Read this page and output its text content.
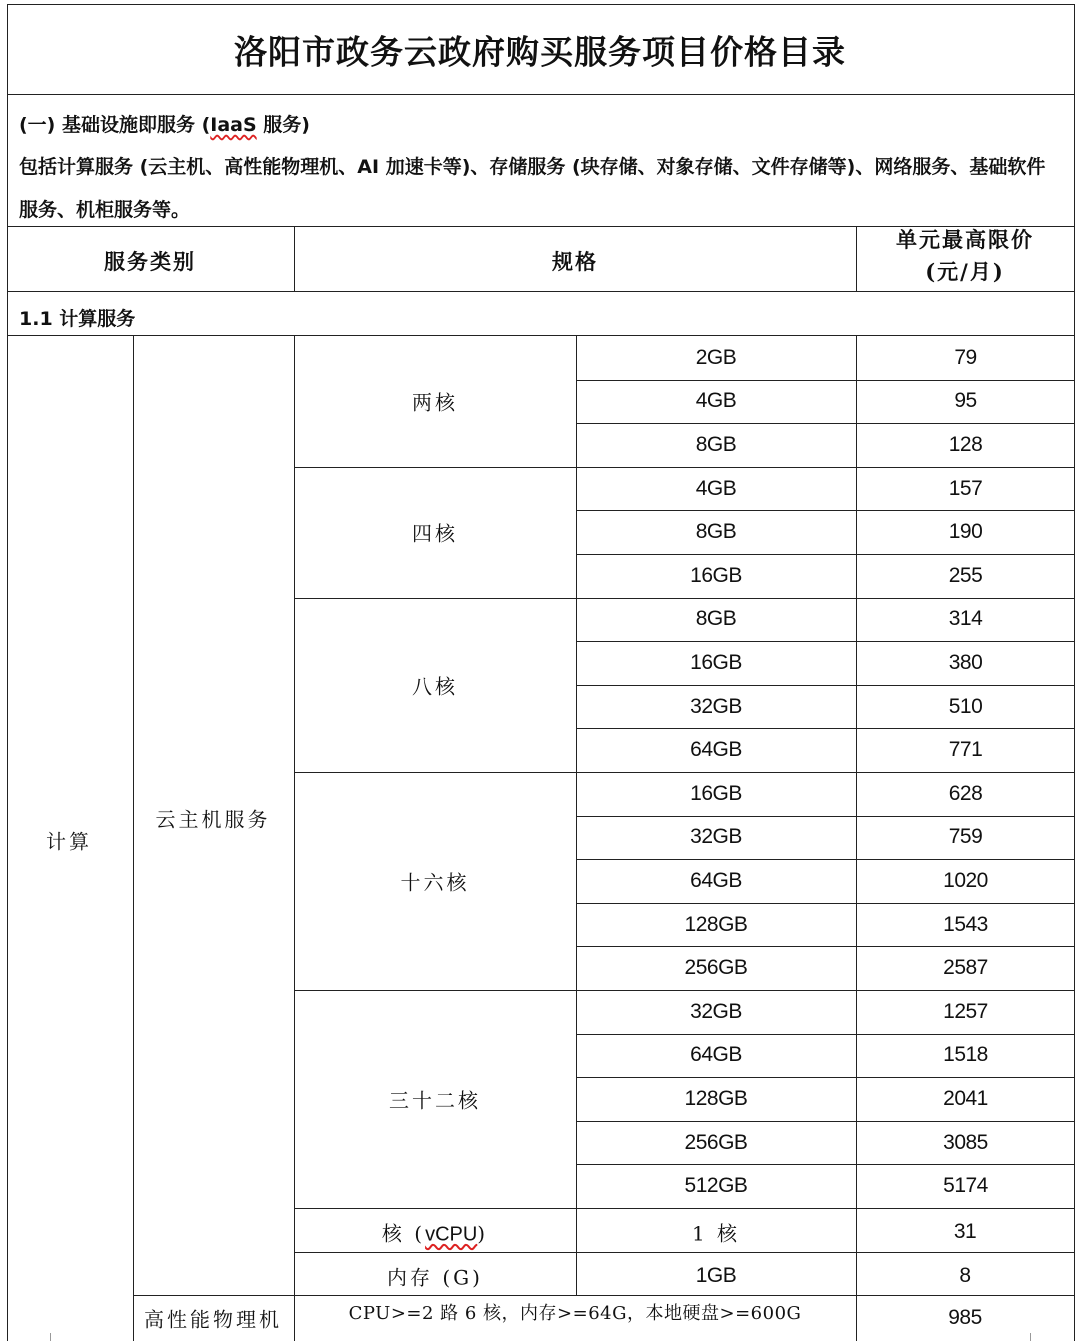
洛阳市政务云政府购买服务项目价格目录
(一) 基础设施即服务 (IaaS 服务)
包括计算服务 (云主机、高性能物理机、AI 加速卡等)、存储服务 (块存储、对象存储、文件存储等)、网络服务、基础软件
服务、机柜服务等。
服务类别	规格
单元最高限价
(元/月)
1.1 计算服务
计算
云主机服务
两核
2GB	79
4GB	95
8GB	128
四核
4GB	157
8GB	190
16GB	255
八核
8GB	314
16GB	380
32GB	510
64GB	771
十六核
16GB	628
32GB	759
64GB	1020
128GB	1543
256GB	2587
三十二核
32GB	1257
64GB	1518
128GB	2041
256GB	3085
512GB	5174
核 (vCPU)	1 核	31
内存 (G)	1GB	8
高性能物理机	CPU>=2 路 6 核，内存>=64G，本地硬盘>=600G	985
